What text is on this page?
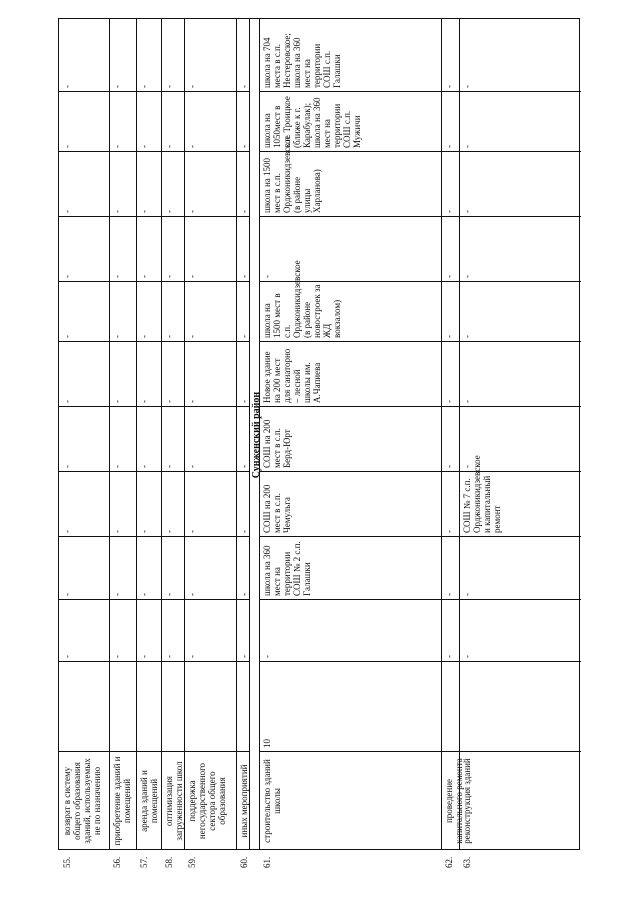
55.
возврат в систему общего образования зданий, используемых не по назначению
-
-
-
-
-
-
-
-
-
-
56.
приобретение зданий и помещений
-
-
-
-
-
-
-
-
-
-
57.
аренда зданий и помещений
-
-
-
-
-
-
-
-
-
-
58.
оптимизация загруженности школ
-
-
-
-
-
-
-
-
-
-
59.
поддержка негосударственного сектора общего образования
-
-
-
-
-
-
-
-
-
-
60.
иных мероприятий
-
-
-
-
-
-
-
-
-
-
61.
строительство зданий школы
10
-
школа на 360 мест на территории СОШ № 2 с.п. Галашки
СОШ на 200 мест в с.п. Чемульга
СОШ на 200 мест в с.п. Берд-Юрт
Новое здание на 200 мест для санаторно – лесной школы им. А.Чапиева
школа на 1500 мест в с.п. Орджоникидзевское (в районе новостроек за ЖД вокзалом)
-
школа на 1500 мест в с.п. Орджоникидзевское (в районе улицы Харланова)
школа на 1050мест в с.п. Троицкое (ближе к г. Карабулак); школа на 360 мест на территории СОШ с.п. Мужичи
школа на 704 места в с.п. Нестеровское; школа на 360 мест на территории СОШ с.п. Галашки
62.
проведение капитального ремонта
-
-
-
-
-
-
-
-
-
-
63.
реконструкция зданий
-
-
СОШ № 7 с.п. Орджоникидзевское и капитальный ремонт
-
-
-
-
-
-
-
Сунженский район
